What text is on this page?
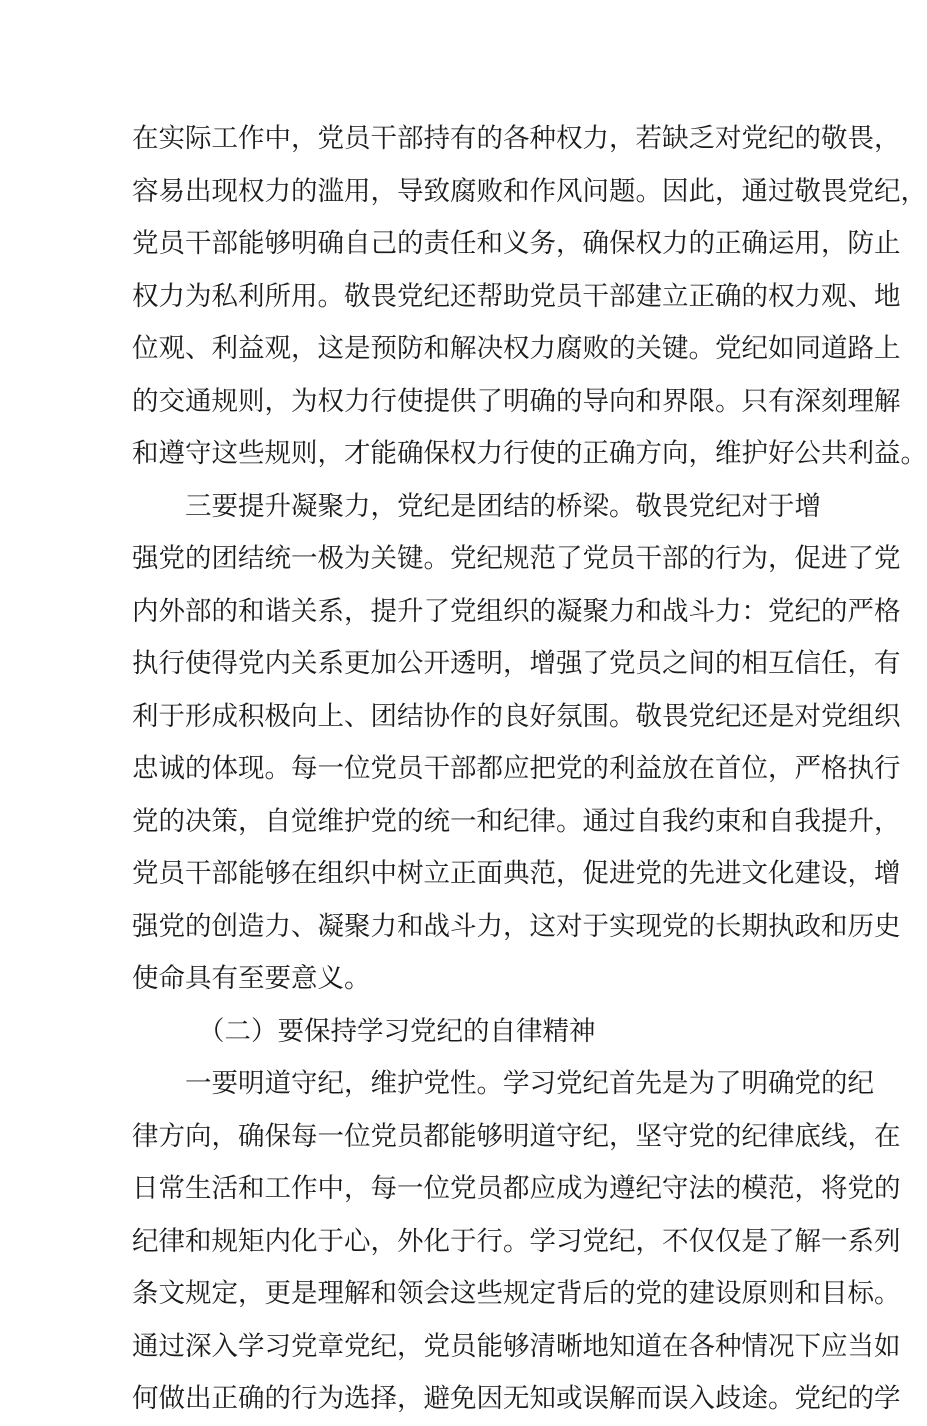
在实际工作中，党员干部持有的各种权力，若缺乏对党纪的敬畏，
容易出现权力的滥用，导致腐败和作风问题。因此，通过敬畏党纪，
党员干部能够明确自己的责任和义务，确保权力的正确运用，防止
权力为私利所用。敬畏党纪还帮助党员干部建立正确的权力观、地
位观、利益观，这是预防和解决权力腐败的关键。党纪如同道路上
的交通规则，为权力行使提供了明确的导向和界限。只有深刻理解
和遵守这些规则，才能确保权力行使的正确方向，维护好公共利益。
三要提升凝聚力，党纪是团结的桥梁。敬畏党纪对于增
强党的团结统一极为关键。党纪规范了党员干部的行为，促进了党
内外部的和谐关系，提升了党组织的凝聚力和战斗力：党纪的严格
执行使得党内关系更加公开透明，增强了党员之间的相互信任，有
利于形成积极向上、团结协作的良好氛围。敬畏党纪还是对党组织
忠诚的体现。每一位党员干部都应把党的利益放在首位，严格执行
党的决策，自觉维护党的统一和纪律。通过自我约束和自我提升，
党员干部能够在组织中树立正面典范，促进党的先进文化建设，增
强党的创造力、凝聚力和战斗力，这对于实现党的长期执政和历史
使命具有至要意义。
（二）要保持学习党纪的自律精神
一要明道守纪，维护党性。学习党纪首先是为了明确党的纪
律方向，确保每一位党员都能够明道守纪，坚守党的纪律底线，在
日常生活和工作中，每一位党员都应成为遵纪守法的模范，将党的
纪律和规矩内化于心，外化于行。学习党纪，不仅仅是了解一系列
条文规定，更是理解和领会这些规定背后的党的建设原则和目标。
通过深入学习党章党纪，党员能够清晰地知道在各种情况下应当如
何做出正确的行为选择，避免因无知或误解而误入歧途。党纪的学
